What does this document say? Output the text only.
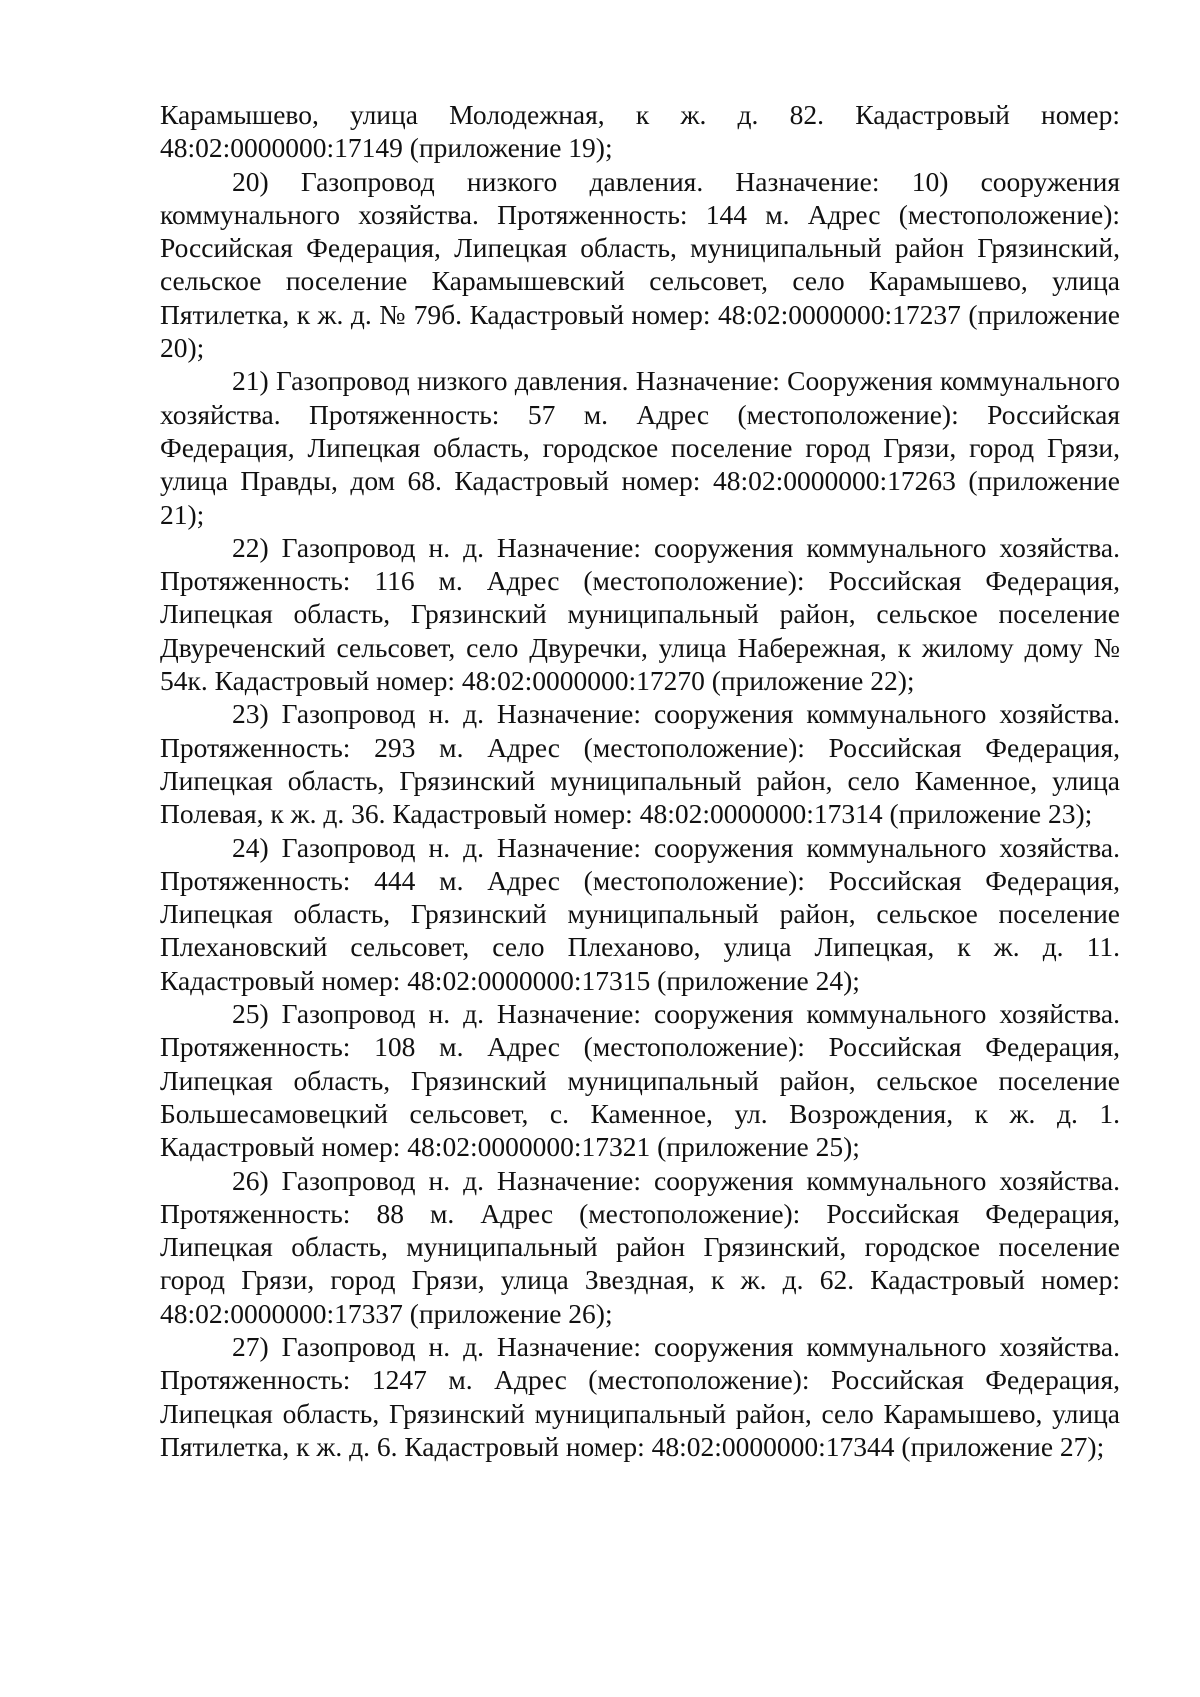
Карамышево, улица Молодежная, к ж. д. 82. Кадастровый номер: 48:02:0000000:17149 (приложение 19);

20) Газопровод низкого давления. Назначение: 10) сооружения коммунального хозяйства. Протяженность: 144 м. Адрес (местоположение): Российская Федерация, Липецкая область, муниципальный район Грязинский, сельское поселение Карамышевский сельсовет, село Карамышево, улица Пятилетка, к ж. д. № 79б. Кадастровый номер: 48:02:0000000:17237 (приложение 20);

21) Газопровод низкого давления. Назначение: Сооружения коммунального хозяйства. Протяженность: 57 м. Адрес (местоположение): Российская Федерация, Липецкая область, городское поселение город Грязи, город Грязи, улица Правды, дом 68. Кадастровый номер: 48:02:0000000:17263 (приложение 21);

22) Газопровод н. д. Назначение: сооружения коммунального хозяйства. Протяженность: 116 м. Адрес (местоположение): Российская Федерация, Липецкая область, Грязинский муниципальный район, сельское поселение Двуреченский сельсовет, село Двуречки, улица Набережная, к жилому дому № 54к. Кадастровый номер: 48:02:0000000:17270 (приложение 22);

23) Газопровод н. д. Назначение: сооружения коммунального хозяйства. Протяженность: 293 м. Адрес (местоположение): Российская Федерация, Липецкая область, Грязинский муниципальный район, село Каменное, улица Полевая, к ж. д. 36. Кадастровый номер: 48:02:0000000:17314 (приложение 23);

24) Газопровод н. д. Назначение: сооружения коммунального хозяйства. Протяженность: 444 м. Адрес (местоположение): Российская Федерация, Липецкая область, Грязинский муниципальный район, сельское поселение Плехановский сельсовет, село Плеханово, улица Липецкая, к ж. д. 11. Кадастровый номер: 48:02:0000000:17315 (приложение 24);

25) Газопровод н. д. Назначение: сооружения коммунального хозяйства. Протяженность: 108 м. Адрес (местоположение): Российская Федерация, Липецкая область, Грязинский муниципальный район, сельское поселение Большесамовецкий сельсовет, с. Каменное, ул. Возрождения, к ж. д. 1. Кадастровый номер: 48:02:0000000:17321 (приложение 25);

26) Газопровод н. д. Назначение: сооружения коммунального хозяйства. Протяженность: 88 м. Адрес (местоположение): Российская Федерация, Липецкая область, муниципальный район Грязинский, городское поселение город Грязи, город Грязи, улица Звездная, к ж. д. 62. Кадастровый номер: 48:02:0000000:17337 (приложение 26);

27) Газопровод н. д. Назначение: сооружения коммунального хозяйства. Протяженность: 1247 м. Адрес (местоположение): Российская Федерация, Липецкая область, Грязинский муниципальный район, село Карамышево, улица Пятилетка, к ж. д. 6. Кадастровый номер: 48:02:0000000:17344 (приложение 27);
